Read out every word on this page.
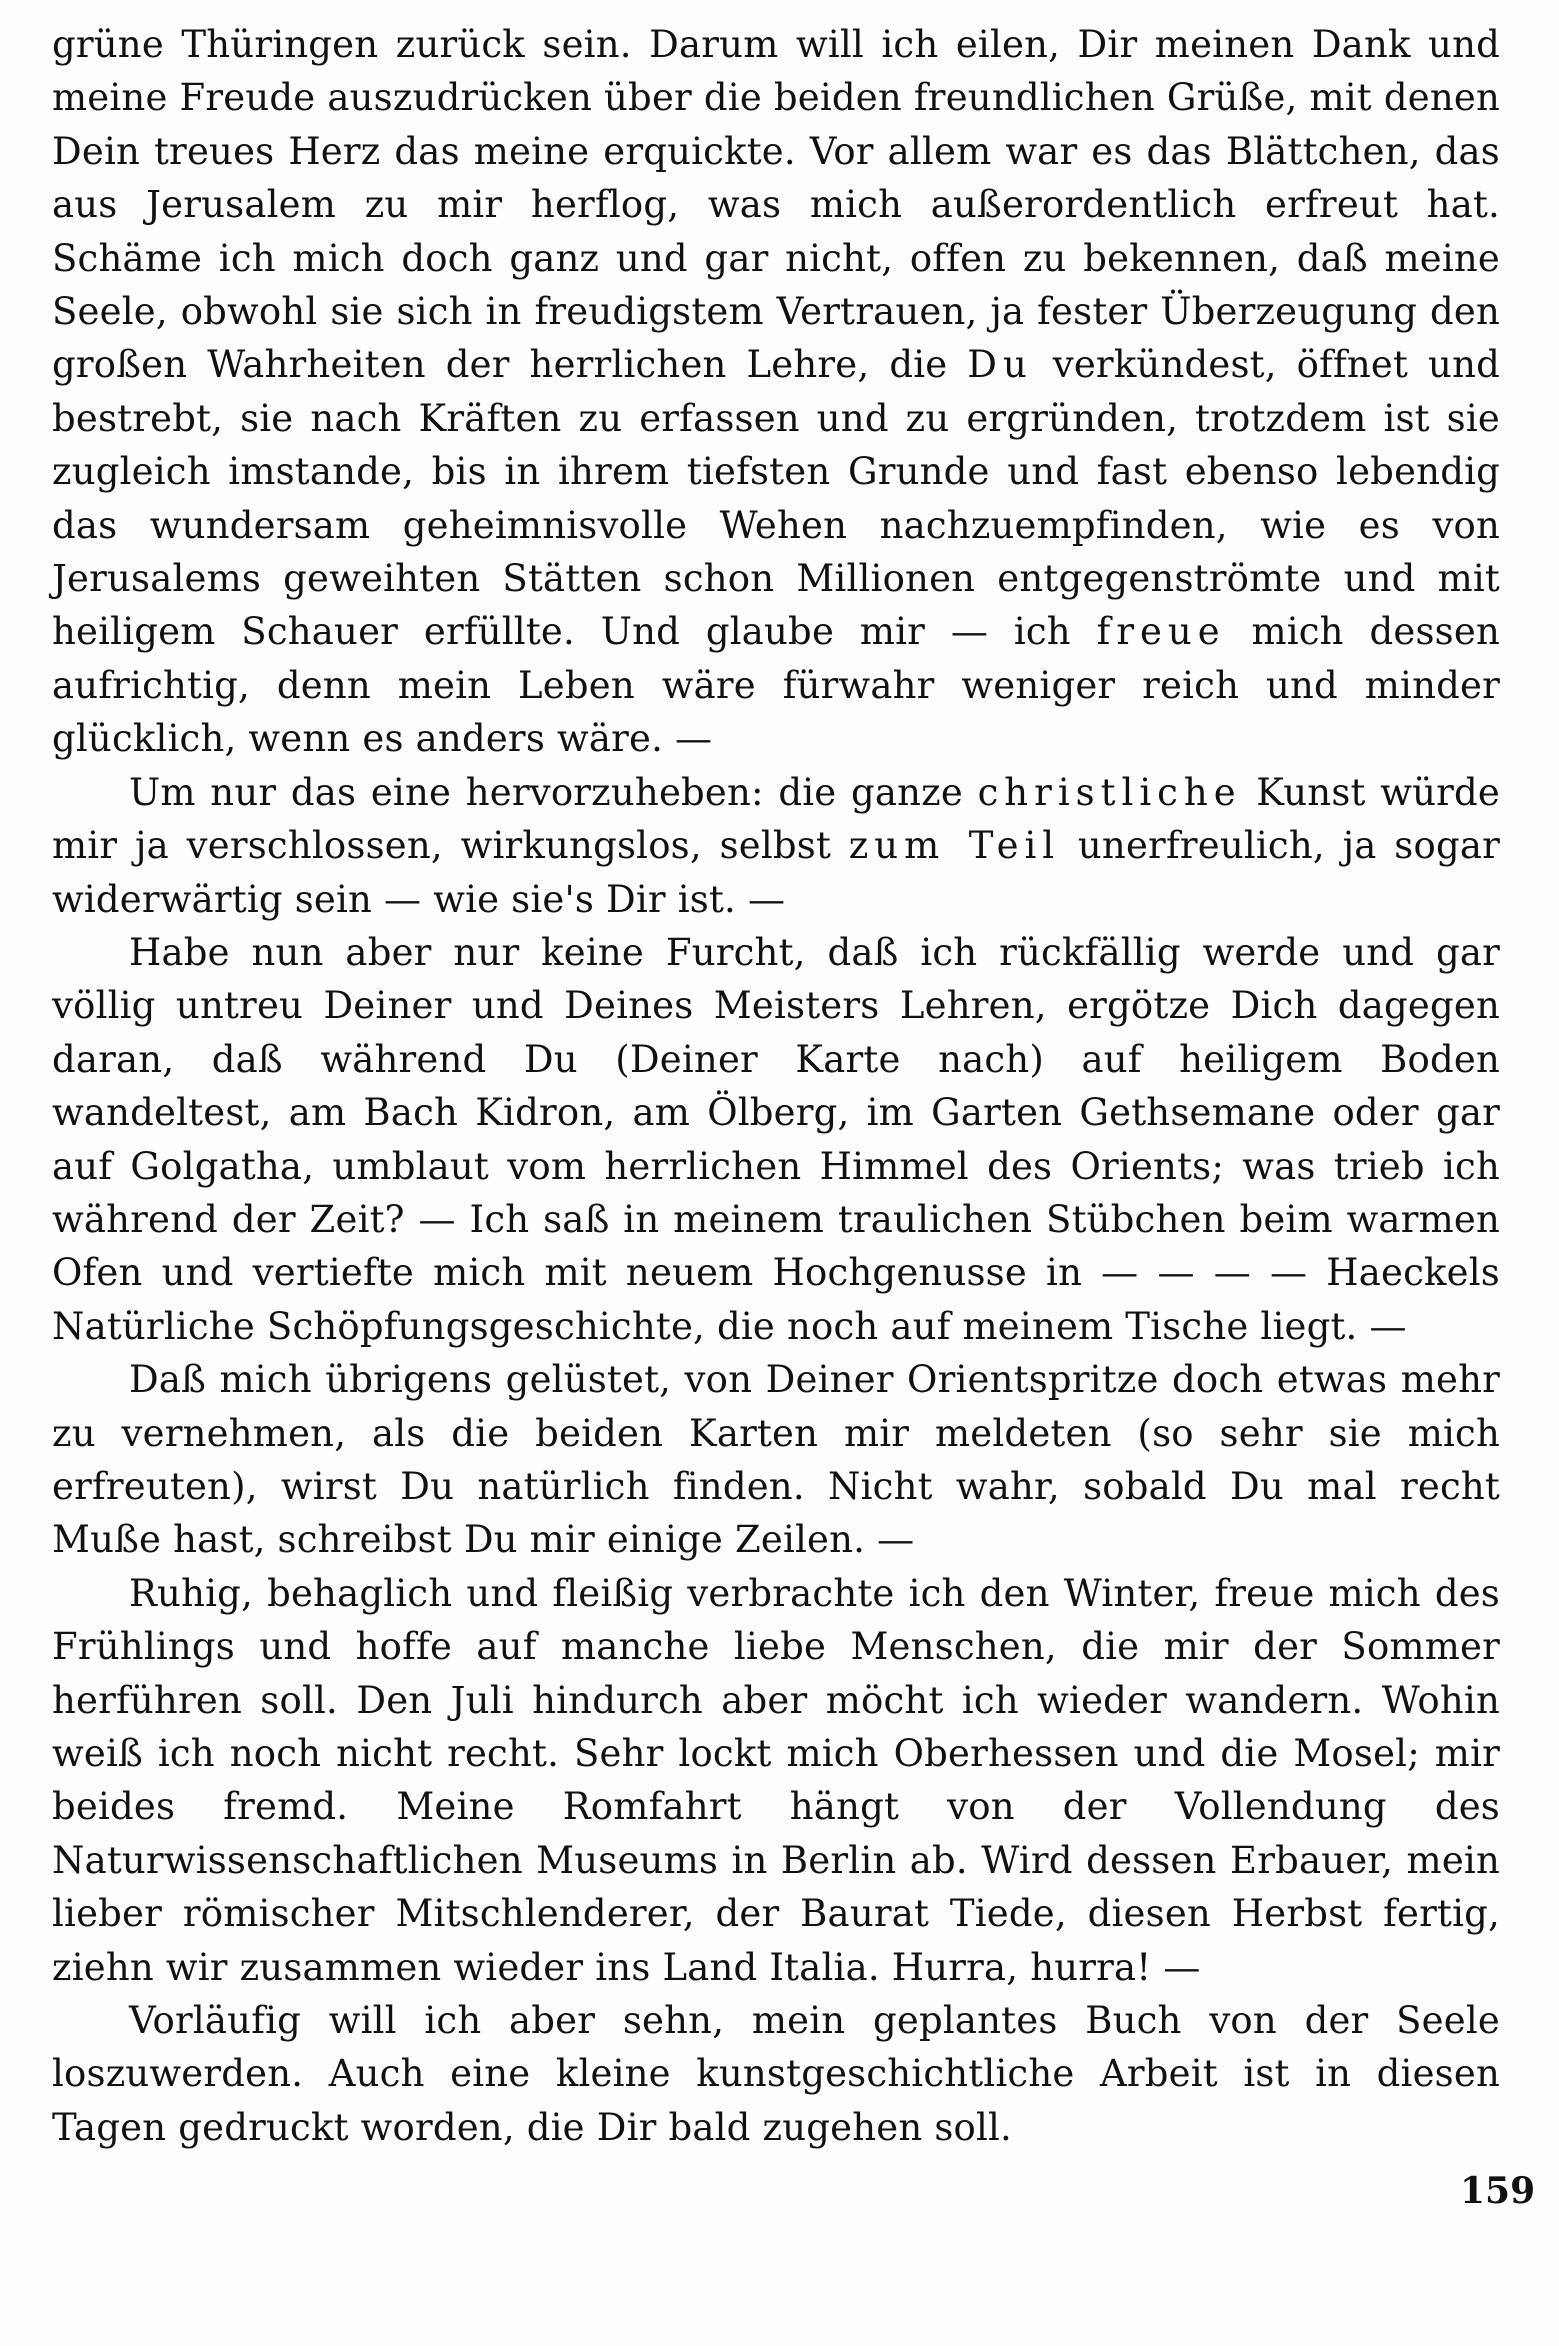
grüne Thüringen zurück sein. Darum will ich eilen, Dir meinen Dank und meine Freude auszudrücken über die beiden freundlichen Grüße, mit denen Dein treues Herz das meine erquickte. Vor allem war es das Blättchen, das aus Jerusalem zu mir herflog, was mich außerordentlich erfreut hat. Schäme ich mich doch ganz und gar nicht, offen zu bekennen, daß meine Seele, obwohl sie sich in freudigstem Vertrauen, ja fester Überzeugung den großen Wahrheiten der herrlichen Lehre, die Du verkündest, öffnet und bestrebt, sie nach Kräften zu erfassen und zu ergründen, trotzdem ist sie zugleich imstande, bis in ihrem tiefsten Grunde und fast ebenso lebendig das wundersam geheimnisvolle Wehen nachzuempfinden, wie es von Jerusalems geweihten Stätten schon Millionen entgegenströmte und mit heiligem Schauer erfüllte. Und glaube mir — ich freue mich dessen aufrichtig, denn mein Leben wäre fürwahr weniger reich und minder glücklich, wenn es anders wäre. —

Um nur das eine hervorzuheben: die ganze christliche Kunst würde mir ja verschlossen, wirkungslos, selbst zum Teil unerfreulich, ja sogar widerwärtig sein — wie sie's Dir ist. —

Habe nun aber nur keine Furcht, daß ich rückfällig werde und gar völlig untreu Deiner und Deines Meisters Lehren, ergötze Dich dagegen daran, daß während Du (Deiner Karte nach) auf heiligem Boden wandeltest, am Bach Kidron, am Ölberg, im Garten Gethsemane oder gar auf Golgatha, umblaut vom herrlichen Himmel des Orients; was trieb ich während der Zeit? — Ich saß in meinem traulichen Stübchen beim warmen Ofen und vertiefte mich mit neuem Hochgenusse in — — — — Haeckels Natürliche Schöpfungsgeschichte, die noch auf meinem Tische liegt. —

Daß mich übrigens gelüstet, von Deiner Orientspritze doch etwas mehr zu vernehmen, als die beiden Karten mir meldeten (so sehr sie mich erfreuten), wirst Du natürlich finden. Nicht wahr, sobald Du mal recht Muße hast, schreibst Du mir einige Zeilen. —

Ruhig, behaglich und fleißig verbrachte ich den Winter, freue mich des Frühlings und hoffe auf manche liebe Menschen, die mir der Sommer herführen soll. Den Juli hindurch aber möcht ich wieder wandern. Wohin weiß ich noch nicht recht. Sehr lockt mich Oberhessen und die Mosel; mir beides fremd. Meine Romfahrt hängt von der Vollendung des Naturwissenschaftlichen Museums in Berlin ab. Wird dessen Erbauer, mein lieber römischer Mitschlenderer, der Baurat Tiede, diesen Herbst fertig, ziehn wir zusammen wieder ins Land Italia. Hurra, hurra! —

Vorläufig will ich aber sehn, mein geplantes Buch von der Seele loszuwerden. Auch eine kleine kunstgeschichtliche Arbeit ist in diesen Tagen gedruckt worden, die Dir bald zugehen soll.

159
